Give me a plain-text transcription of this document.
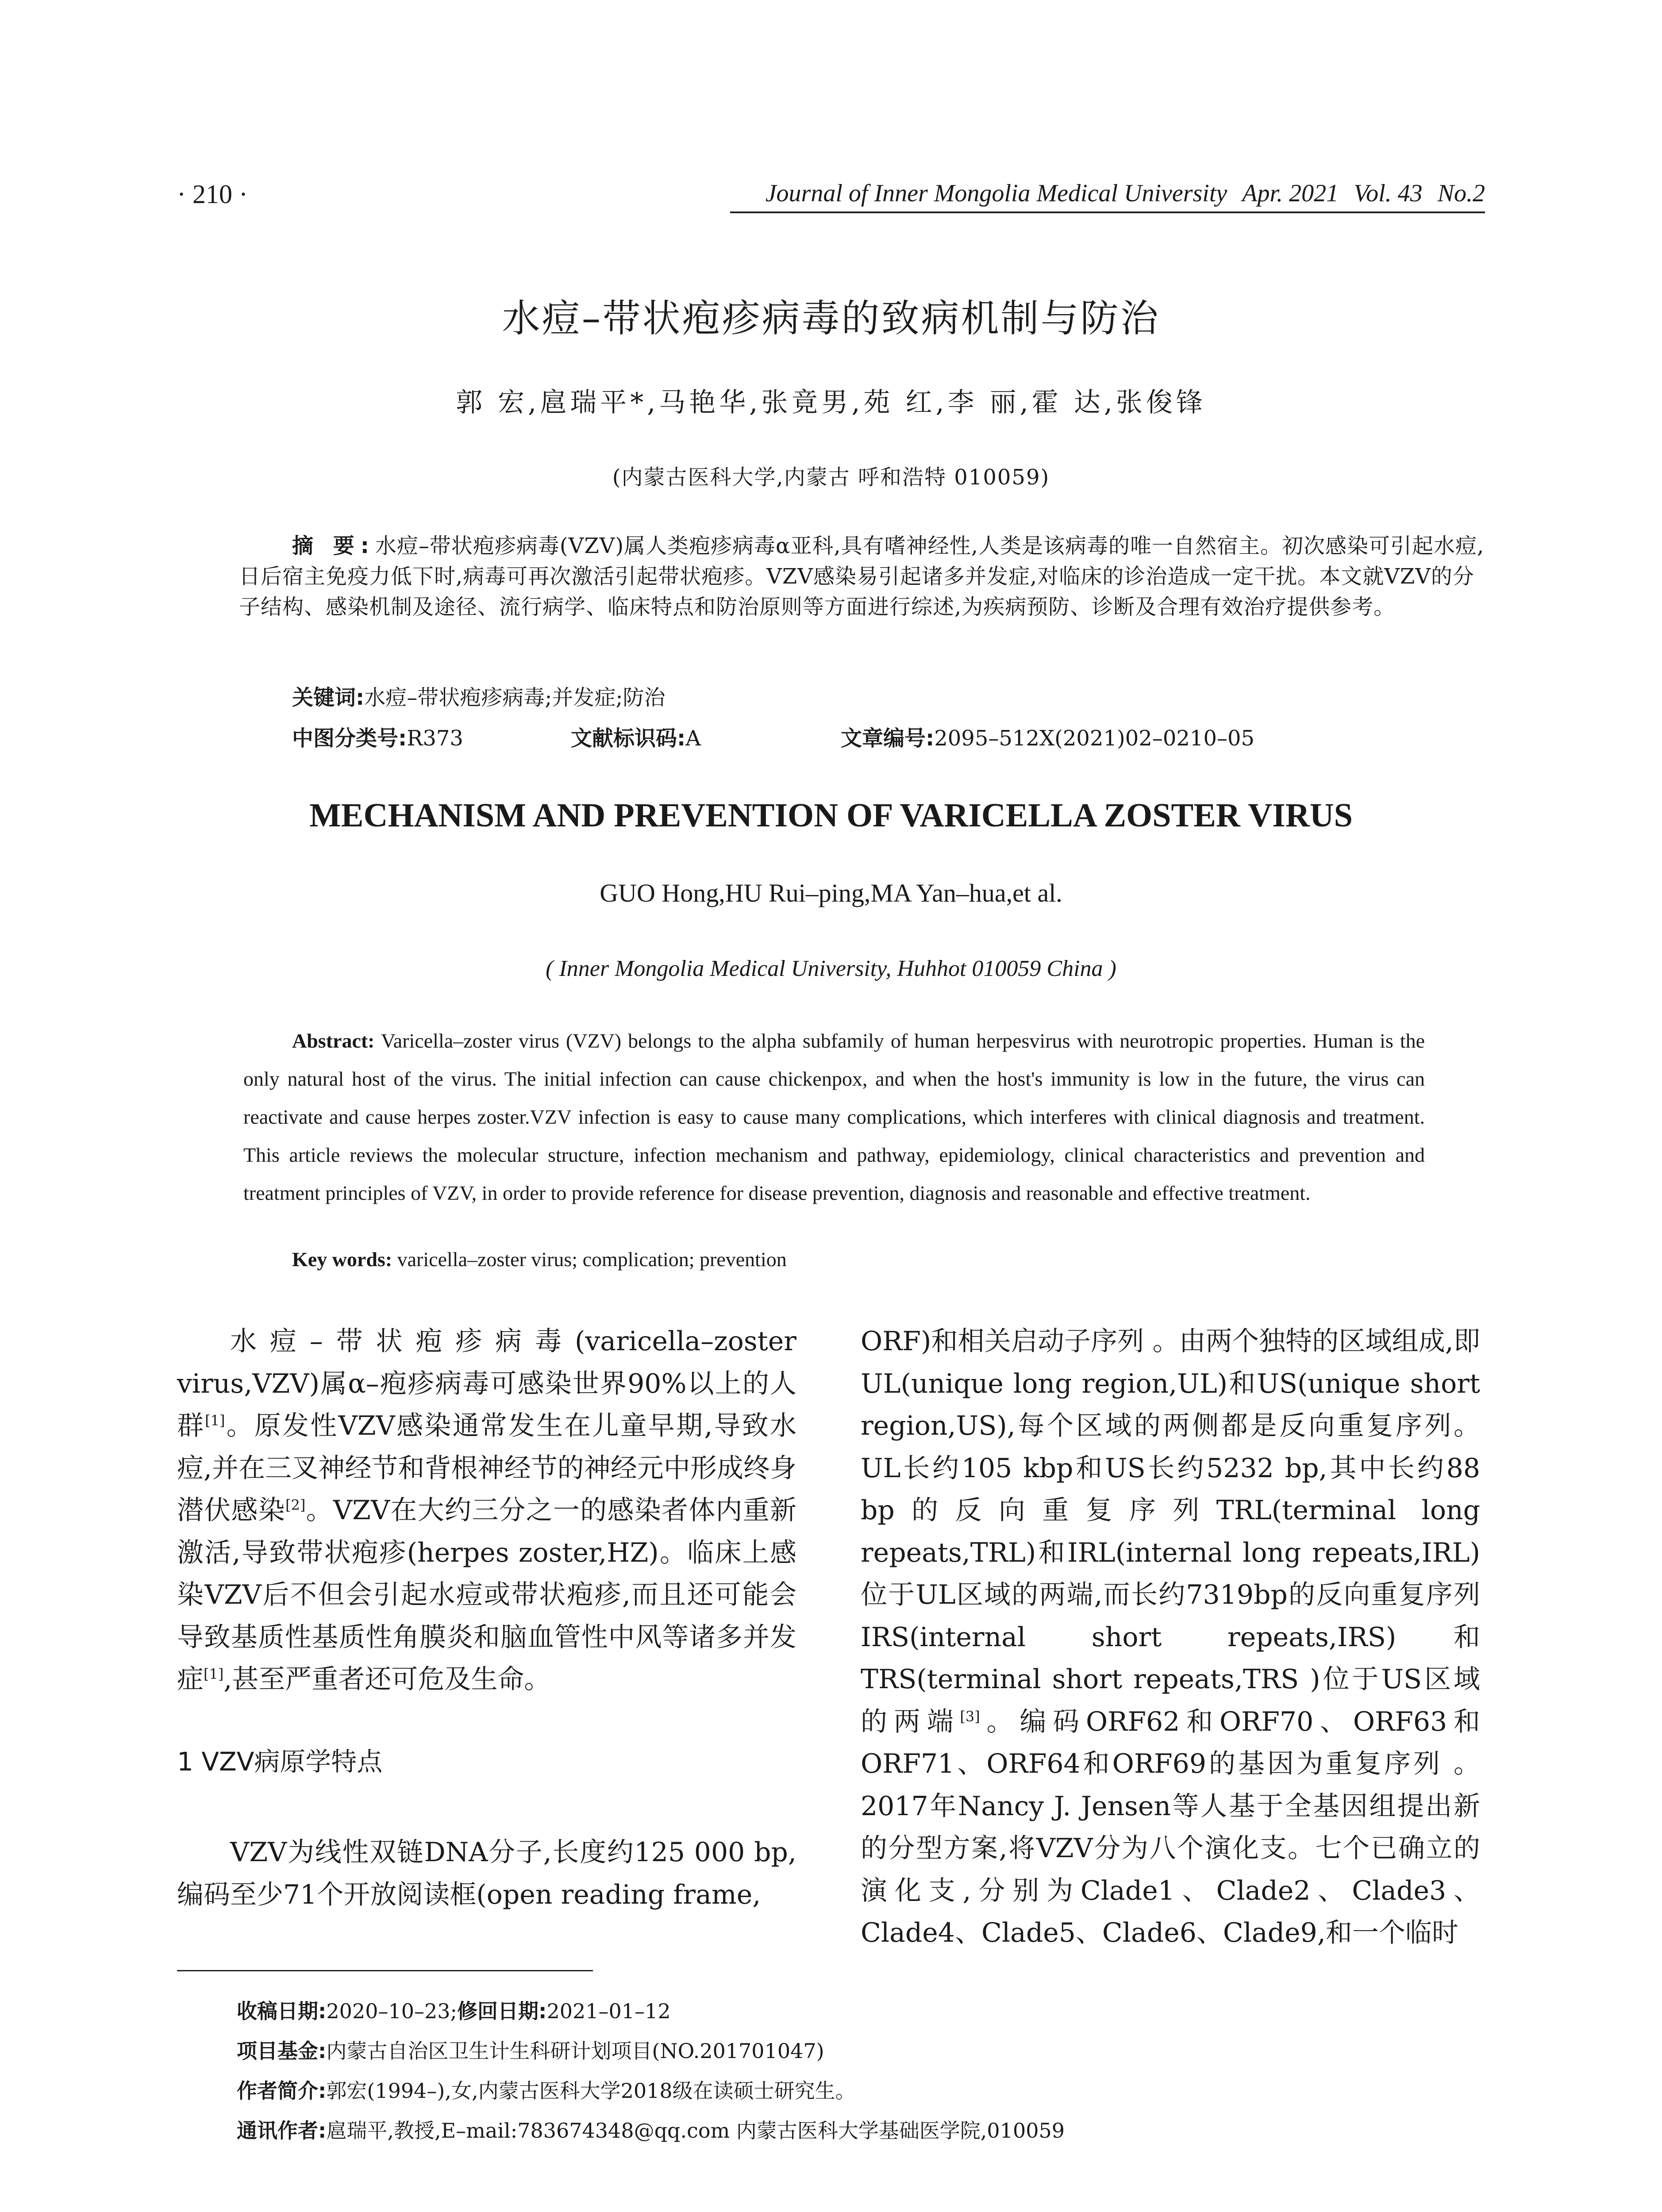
· 210 ·	Journal of Inner Mongolia Medical University Apr. 2021 Vol. 43 No.2
水痘–带状疱疹病毒的致病机制与防治
郭 宏,扈瑞平*,马艳华,张竟男,苑 红,李 丽,霍 达,张俊锋
(内蒙古医科大学,内蒙古 呼和浩特 010059)
摘 要:水痘–带状疱疹病毒(VZV)属人类疱疹病毒α亚科,具有嗜神经性,人类是该病毒的唯一自然宿主。初次感染可引起水痘,日后宿主免疫力低下时,病毒可再次激活引起带状疱疹。VZV感染易引起诸多并发症,对临床的诊治造成一定干扰。本文就VZV的分子结构、感染机制及途径、流行病学、临床特点和防治原则等方面进行综述,为疾病预防、诊断及合理有效治疗提供参考。
关键词:水痘–带状疱疹病毒;并发症;防治
中图分类号:R373	文献标识码:A	文章编号:2095–512X(2021)02–0210–05
MECHANISM AND PREVENTION OF VARICELLA ZOSTER VIRUS
GUO Hong,HU Rui–ping,MA Yan–hua,et al.
( Inner Mongolia Medical University, Huhhot 010059 China )
Abstract: Varicella–zoster virus (VZV) belongs to the alpha subfamily of human herpesvirus with neurotropic properties. Human is the only natural host of the virus. The initial infection can cause chickenpox, and when the host's immunity is low in the future, the virus can reactivate and cause herpes zoster.VZV infection is easy to cause many complications, which interferes with clinical diagnosis and treatment. This article reviews the molecular structure, infection mechanism and pathway, epidemiology, clinical characteristics and prevention and treatment principles of VZV, in order to provide reference for disease prevention, diagnosis and reasonable and effective treatment.
Key words: varicella–zoster virus; complication; prevention
水痘–带状疱疹病毒(varicella–zoster virus,VZV)属α–疱疹病毒可感染世界90%以上的人群[1]。原发性VZV感染通常发生在儿童早期,导致水痘,并在三叉神经节和背根神经节的神经元中形成终身潜伏感染[2]。VZV在大约三分之一的感染者体内重新激活,导致带状疱疹(herpes zoster,HZ)。临床上感染VZV后不但会引起水痘或带状疱疹,而且还可能会导致基质性基质性角膜炎和脑血管性中风等诸多并发症[1],甚至严重者还可危及生命。
1 VZV病原学特点
VZV为线性双链DNA分子,长度约125 000 bp,编码至少71个开放阅读框(open reading frame,
ORF)和相关启动子序列 。由两个独特的区域组成,即UL(unique long region,UL)和US(unique short region,US),每个区域的两侧都是反向重复序列。UL长约105 kbp和US长约5232 bp,其中长约88 bp的反向重复序列TRL(terminal long repeats,TRL)和IRL(internal long repeats,IRL)位于UL区域的两端,而长约7319bp的反向重复序列IRS(internal short repeats,IRS)和TRS(terminal short repeats,TRS )位于US区域的两端[3]。编码ORF62和ORF70、ORF63和ORF71、ORF64和ORF69的基因为重复序列 。2017年Nancy J. Jensen等人基于全基因组提出新的分型方案,将VZV分为八个演化支。七个已确立的演化支,分别为Clade1、Clade2、Clade3、Clade4、Clade5、Clade6、Clade9,和一个临时
收稿日期:2020–10–23;修回日期:2021–01–12
项目基金:内蒙古自治区卫生计生科研计划项目(NO.201701047)
作者简介:郭宏(1994–),女,内蒙古医科大学2018级在读硕士研究生。
通讯作者:扈瑞平,教授,E–mail:783674348@qq.com 内蒙古医科大学基础医学院,010059
